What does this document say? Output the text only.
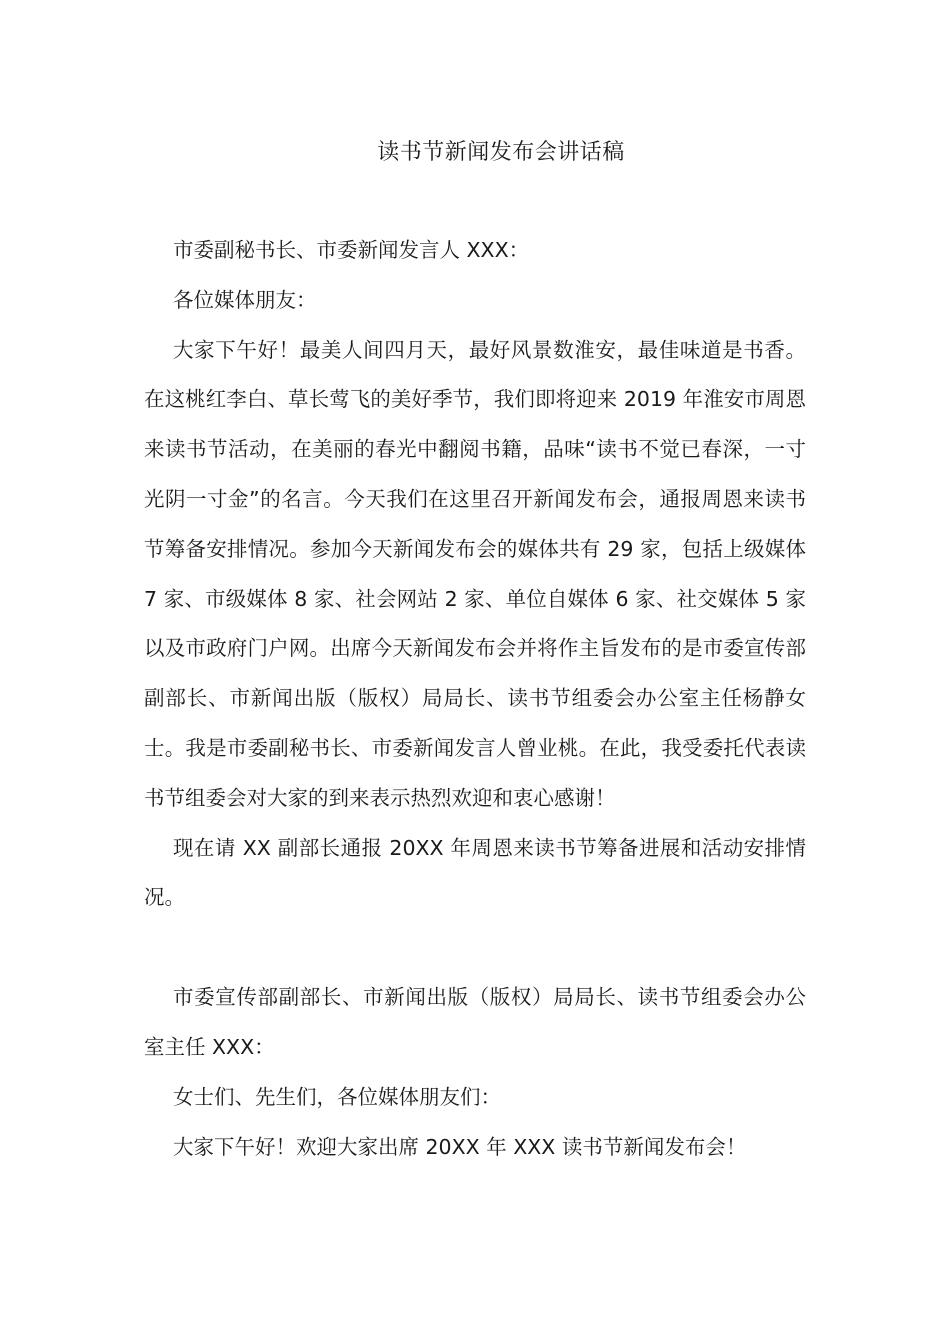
读书节新闻发布会讲话稿

市委副秘书长、市委新闻发言人 XXX：

各位媒体朋友：

大家下午好！最美人间四月天，最好风景数淮安，最佳味道是书香。在这桃红李白、草长莺飞的美好季节，我们即将迎来 2019 年淮安市周恩来读书节活动，在美丽的春光中翻阅书籍，品味“读书不觉已春深，一寸光阴一寸金”的名言。今天我们在这里召开新闻发布会，通报周恩来读书节筹备安排情况。参加今天新闻发布会的媒体共有 29 家，包括上级媒体 7 家、市级媒体 8 家、社会网站 2 家、单位自媒体 6 家、社交媒体 5 家以及市政府门户网。出席今天新闻发布会并将作主旨发布的是市委宣传部副部长、市新闻出版（版权）局局长、读书节组委会办公室主任杨静女士。我是市委副秘书长、市委新闻发言人曾业桃。在此，我受委托代表读书节组委会对大家的到来表示热烈欢迎和衷心感谢！

现在请 XX 副部长通报 20XX 年周恩来读书节筹备进展和活动安排情况。

市委宣传部副部长、市新闻出版（版权）局局长、读书节组委会办公室主任 XXX：

女士们、先生们，各位媒体朋友们：

大家下午好！欢迎大家出席 20XX 年 XXX 读书节新闻发布会！
